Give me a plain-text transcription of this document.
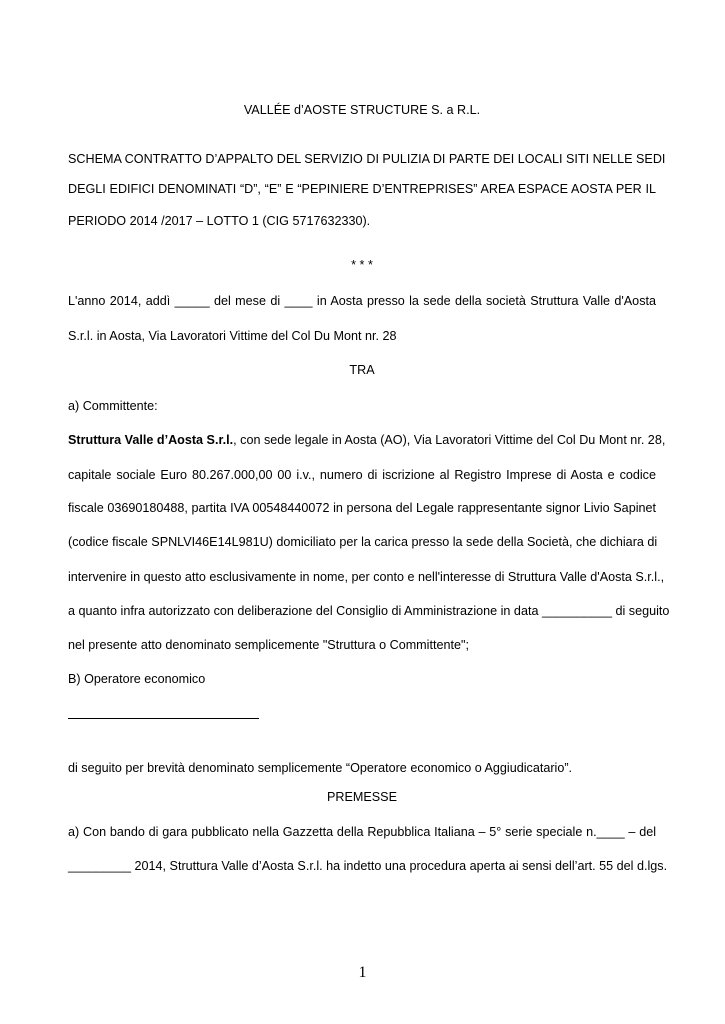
VALLÉE d’AOSTE STRUCTURE S. a R.L.
SCHEMA CONTRATTO D’APPALTO DEL SERVIZIO DI PULIZIA DI PARTE DEI LOCALI SITI NELLE SEDI
DEGLI EDIFICI DENOMINATI “D”, “E” E “PEPINIERE D’ENTREPRISES” AREA ESPACE AOSTA PER IL
PERIODO 2014 /2017 – LOTTO 1 (CIG 5717632330).
* * *
L'anno 2014, addì _____ del mese di ____ in Aosta presso la sede della società Struttura Valle d'Aosta
S.r.l. in Aosta, Via Lavoratori Vittime del Col Du Mont nr. 28
TRA
a) Committente:
Struttura Valle d’Aosta S.r.l., con sede legale in Aosta (AO), Via Lavoratori Vittime del Col Du Mont nr. 28,
capitale sociale Euro 80.267.000,00 00 i.v., numero di iscrizione al Registro Imprese di Aosta e codice
fiscale 03690180488, partita IVA 00548440072 in persona del Legale rappresentante signor Livio Sapinet
(codice fiscale SPNLVI46E14L981U) domiciliato per la carica presso la sede della Società, che dichiara di
intervenire in questo atto esclusivamente in nome, per conto e nell'interesse di Struttura Valle d'Aosta S.r.l.,
a quanto infra autorizzato con deliberazione del Consiglio di Amministrazione in data __________ di seguito
nel presente atto denominato semplicemente "Struttura o Committente";
B) Operatore economico
di seguito per brevità denominato semplicemente “Operatore economico o Aggiudicatario”.
PREMESSE
a) Con bando di gara pubblicato nella Gazzetta della Repubblica Italiana – 5° serie speciale n.____ – del
_________ 2014, Struttura Valle d’Aosta S.r.l. ha indetto una procedura aperta ai sensi dell’art. 55 del d.lgs.
1
